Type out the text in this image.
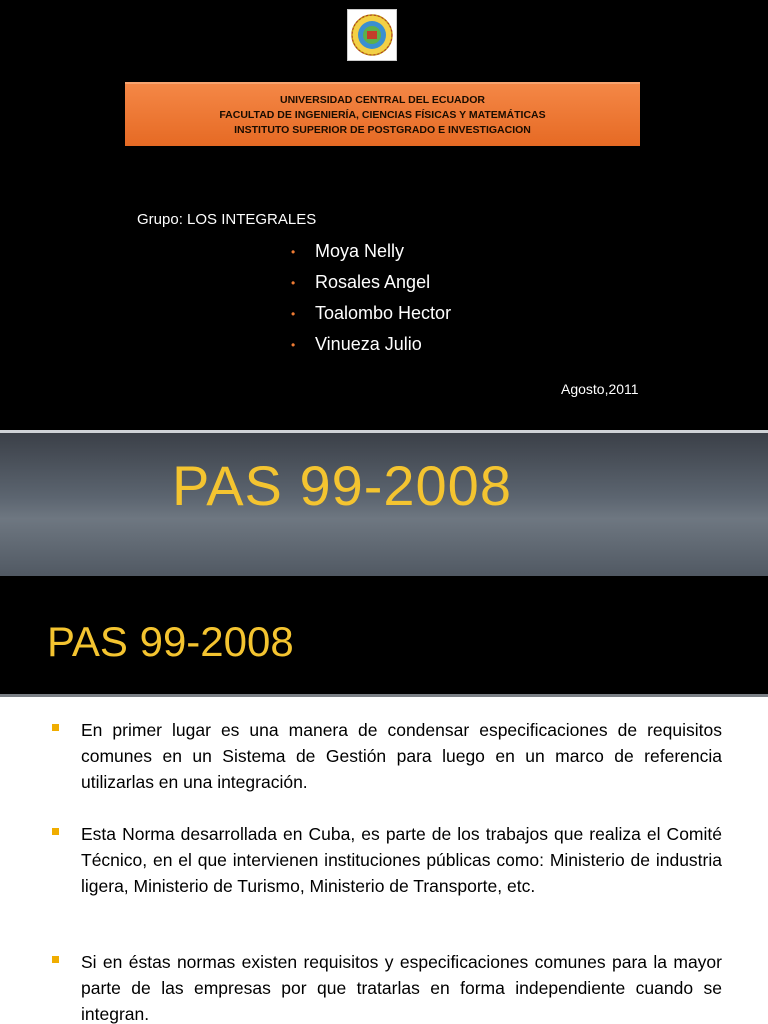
UNIVERSIDAD CENTRAL DEL ECUADOR
FACULTAD DE INGENIERÍA, CIENCIAS FÍSICAS Y MATEMÁTICAS
INSTITUTO SUPERIOR DE POSTGRADO E INVESTIGACION
Grupo: LOS INTEGRALES
•	Moya Nelly
•	Rosales Angel
•	Toalombo Hector
•	Vinueza Julio
Agosto,2011
PAS 99-2008
PAS 99-2008

En primer lugar es una manera de condensar especificaciones de requisitos comunes en un Sistema de Gestión para luego en un marco de referencia utilizarlas en una integración.

Esta Norma desarrollada en Cuba, es parte de los trabajos que realiza el Comité Técnico, en el que intervienen instituciones públicas como: Ministerio de industria ligera, Ministerio de Turismo, Ministerio de Transporte, etc.

Si en éstas normas existen requisitos y especificaciones comunes para la mayor parte de las empresas por que tratarlas en forma independiente cuando se integran.
